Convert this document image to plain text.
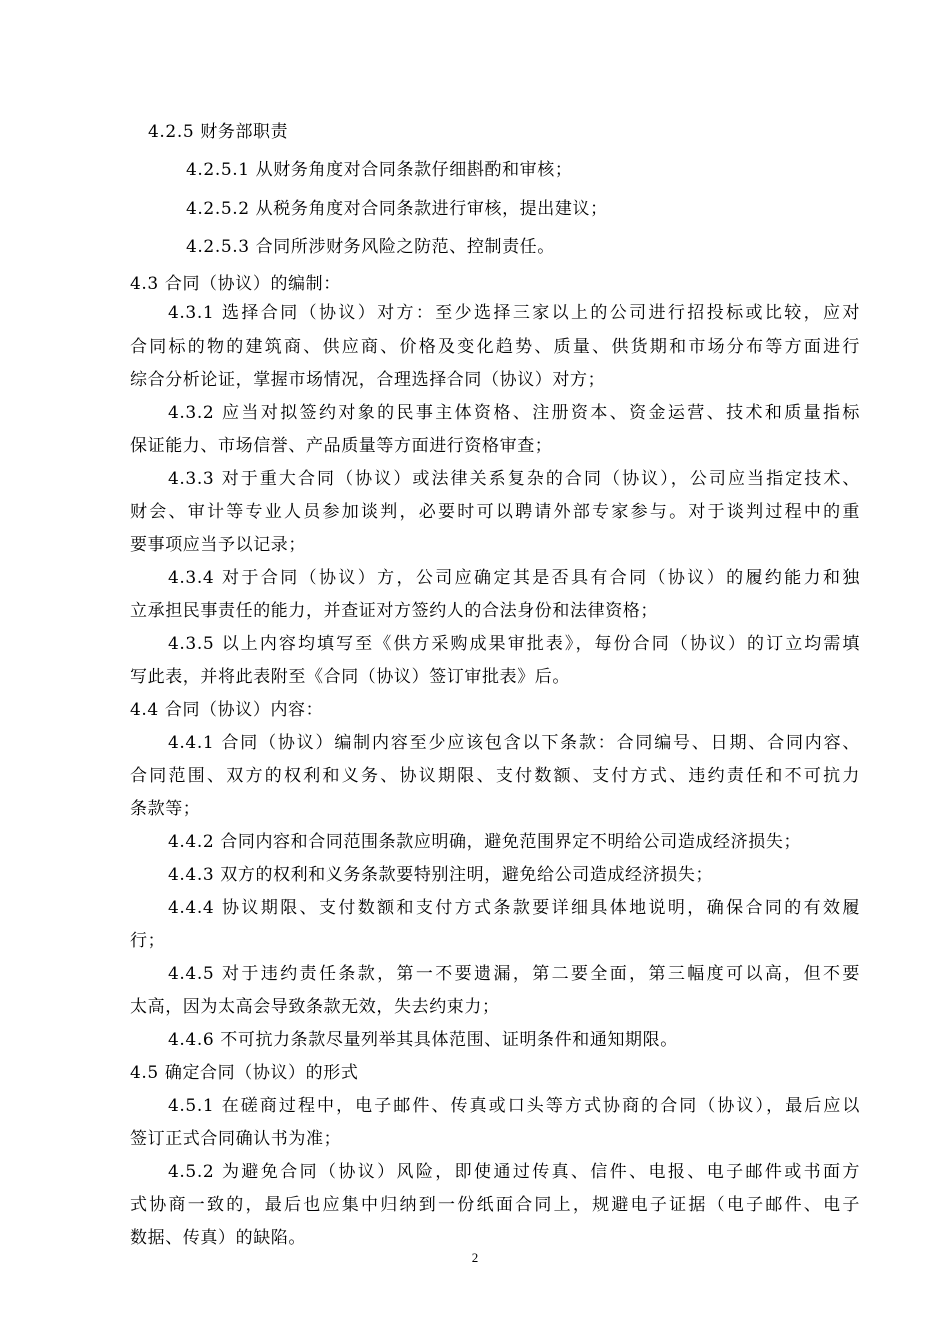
4.2.5 财务部职责
4.2.5.1 从财务角度对合同条款仔细斟酌和审核；
4.2.5.2 从税务角度对合同条款进行审核，提出建议；
4.2.5.3 合同所涉财务风险之防范、控制责任。
4.3 合同（协议）的编制：
4.3.1 选择合同（协议）对方：至少选择三家以上的公司进行招投标或比较，应对
合同标的物的建筑商、供应商、价格及变化趋势、质量、供货期和市场分布等方面进行
综合分析论证，掌握市场情况，合理选择合同（协议）对方；
4.3.2 应当对拟签约对象的民事主体资格、注册资本、资金运营、技术和质量指标
保证能力、市场信誉、产品质量等方面进行资格审查；
4.3.3 对于重大合同（协议）或法律关系复杂的合同（协议），公司应当指定技术、
财会、审计等专业人员参加谈判，必要时可以聘请外部专家参与。对于谈判过程中的重
要事项应当予以记录；
4.3.4 对于合同（协议）方，公司应确定其是否具有合同（协议）的履约能力和独
立承担民事责任的能力，并查证对方签约人的合法身份和法律资格；
4.3.5 以上内容均填写至《供方采购成果审批表》，每份合同（协议）的订立均需填
写此表，并将此表附至《合同（协议）签订审批表》后。
4.4 合同（协议）内容：
4.4.1 合同（协议）编制内容至少应该包含以下条款：合同编号、日期、合同内容、
合同范围、双方的权利和义务、协议期限、支付数额、支付方式、违约责任和不可抗力
条款等；
4.4.2 合同内容和合同范围条款应明确，避免范围界定不明给公司造成经济损失；
4.4.3 双方的权利和义务条款要特别注明，避免给公司造成经济损失；
4.4.4 协议期限、支付数额和支付方式条款要详细具体地说明，确保合同的有效履
行；
4.4.5 对于违约责任条款，第一不要遗漏，第二要全面，第三幅度可以高，但不要
太高，因为太高会导致条款无效，失去约束力；
4.4.6 不可抗力条款尽量列举其具体范围、证明条件和通知期限。
4.5 确定合同（协议）的形式
4.5.1 在磋商过程中，电子邮件、传真或口头等方式协商的合同（协议），最后应以
签订正式合同确认书为准；
4.5.2 为避免合同（协议）风险，即使通过传真、信件、电报、电子邮件或书面方
式协商一致的，最后也应集中归纳到一份纸面合同上，规避电子证据（电子邮件、电子
数据、传真）的缺陷。
2
